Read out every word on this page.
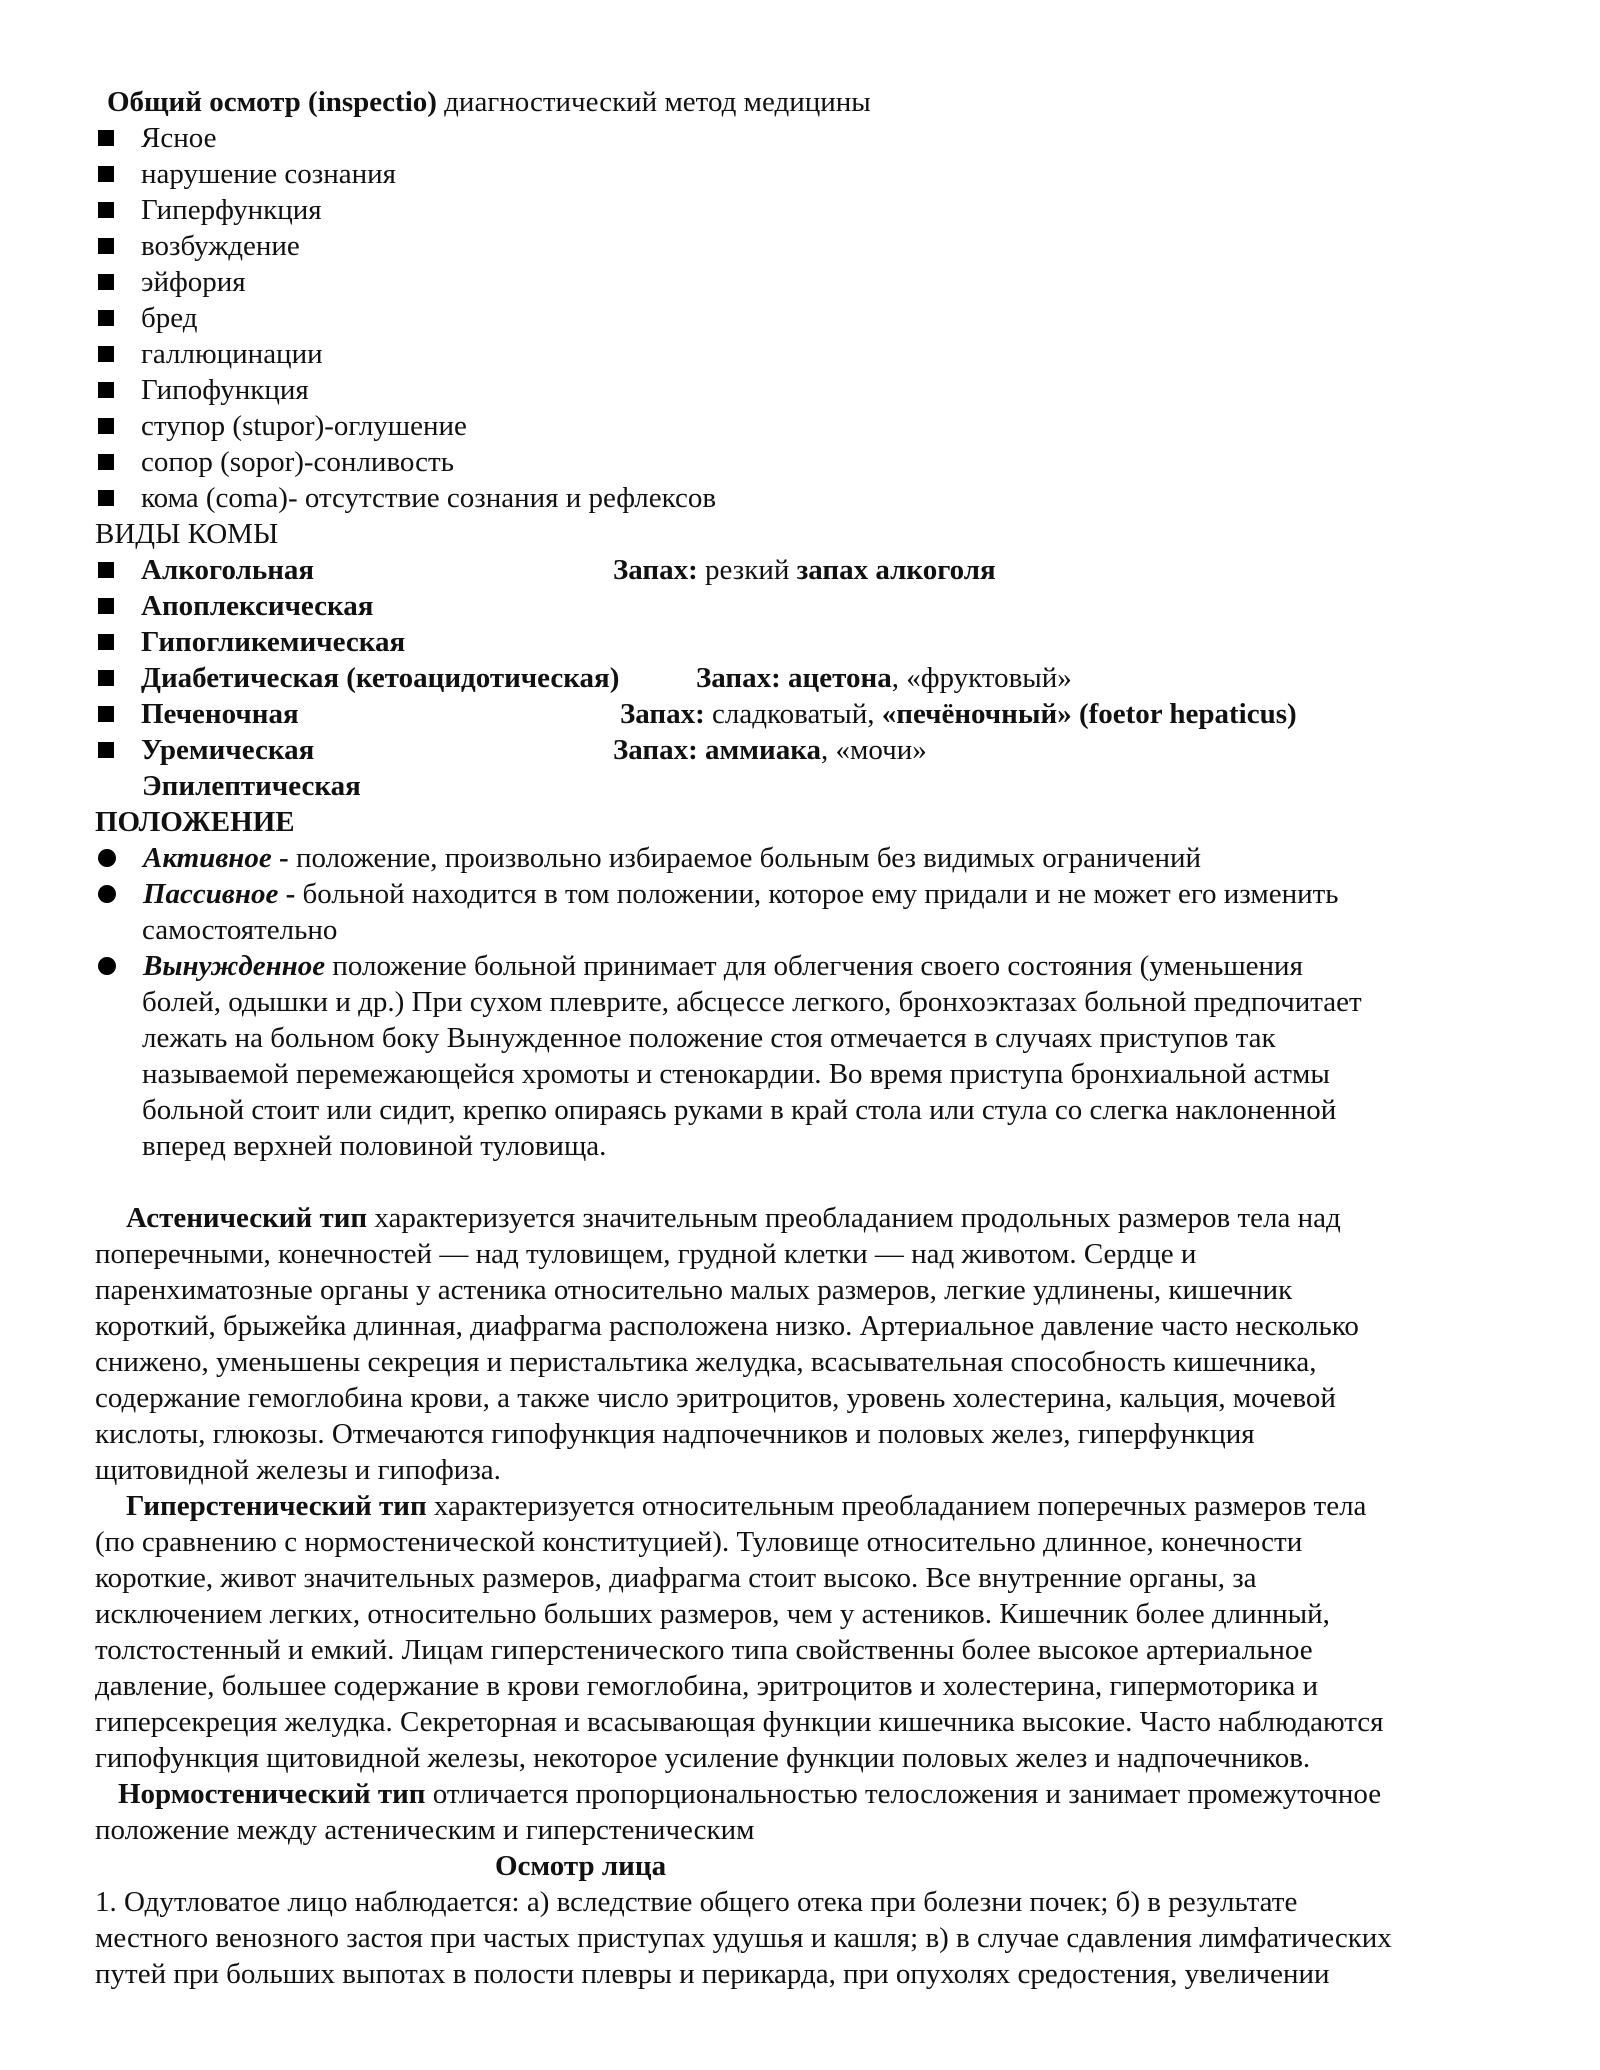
Общий осмотр (inspectio) диагностический метод медицины
Ясное
нарушение сознания
Гиперфункция
возбуждение
эйфория
бред
галлюцинации
Гипофункция
ступор (stupor)-оглушение
сопор (sopor)-сонливость
кома (coma)- отсутствие сознания и рефлексов
ВИДЫ КОМЫ
Алкогольная	Запах: резкий запах алкоголя
Апоплексическая
Гипогликемическая
Диабетическая (кетоацидотическая)	Запах: ацетона, «фруктовый»
Печеночная	Запах: сладковатый, «печёночный» (foetor hepaticus)
Уремическая	Запах: аммиака, «мочи»
Эпилептическая
ПОЛОЖЕНИЕ
Активное - положение, произвольно избираемое больным без видимых ограничений
Пассивное - больной находится в том положении, которое ему придали и не может его изменить
самостоятельно
Вынужденное положение больной принимает для облегчения своего состояния (уменьшения
болей, одышки и др.) При сухом плеврите, абсцессе легкого, бронхоэктазах больной предпочитает
лежать на больном боку Вынужденное положение стоя отмечается в случаях приступов так
называемой перемежающейся хромоты и стенокардии. Во время приступа бронхиальной астмы
больной стоит или сидит, крепко опираясь руками в край стола или стула со слегка наклоненной
вперед верхней половиной туловища.
Астенический тип характеризуется значительным преобладанием продольных размеров тела над
поперечными, конечностей — над туловищем, грудной клетки — над животом. Сердце и
паренхиматозные органы у астеника относительно малых размеров, легкие удлинены, кишечник
короткий, брыжейка длинная, диафрагма расположена низко. Артериальное давление часто несколько
снижено, уменьшены секреция и перистальтика желудка, всасывательная способность кишечника,
содержание гемоглобина крови, а также число эритроцитов, уровень холестерина, кальция, мочевой
кислоты, глюкозы. Отмечаются гипофункция надпочечников и половых желез, гиперфункция
щитовидной железы и гипофиза.
Гиперстенический тип характеризуется относительным преобладанием поперечных размеров тела
(по сравнению с нормостенической конституцией). Туловище относительно длинное, конечности
короткие, живот значительных размеров, диафрагма стоит высоко. Все внутренние органы, за
исключением легких, относительно больших размеров, чем у астеников. Кишечник более длинный,
толстостенный и емкий. Лицам гиперстенического типа свойственны более высокое артериальное
давление, большее содержание в крови гемоглобина, эритроцитов и холестерина, гипермоторика и
гиперсекреция желудка. Секреторная и всасывающая функции кишечника высокие. Часто наблюдаются
гипофункция щитовидной железы, некоторое усиление функции половых желез и надпочечников.
Нормостенический тип отличается пропорциональностью телосложения и занимает промежуточное
положение между астеническим и гиперстеническим
Осмотр лица
1. Одутловатое лицо наблюдается: а) вследствие общего отека при болезни почек; б) в результате
местного венозного застоя при частых приступах удушья и кашля; в) в случае сдавления лимфатических
путей при больших выпотах в полости плевры и перикарда, при опухолях средостения, увеличении
